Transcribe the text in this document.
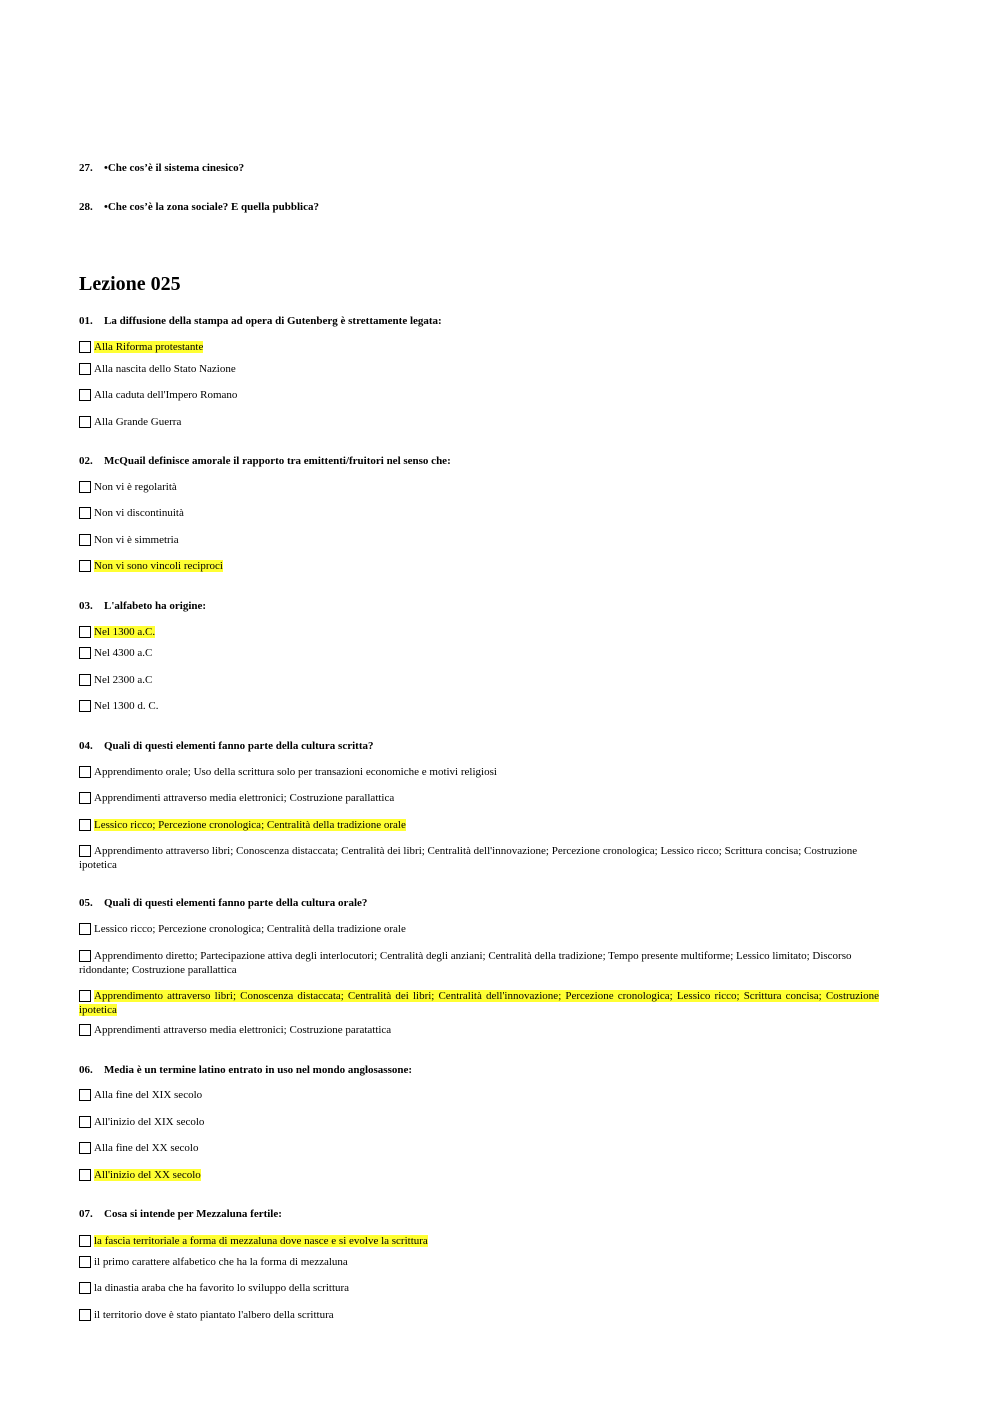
27. •Che cos’è il sistema cinesico?
28. •Che cos’è la zona sociale? E quella pubblica?
Lezione 025
01. La diffusione della stampa ad opera di Gutenberg è strettamente legata:
Alla Riforma protestante
Alla nascita dello Stato Nazione
Alla caduta dell'Impero Romano
Alla Grande Guerra
02. McQuail definisce amorale il rapporto tra emittenti/fruitori nel senso che:
Non vi è regolarità
Non vi discontinuità
Non vi è simmetria
Non vi sono vincoli reciproci
03. L'alfabeto ha origine:
Nel 1300 a.C.
Nel 4300 a.C
Nel 2300 a.C
Nel 1300 d. C.
04. Quali di questi elementi fanno parte della cultura scritta?
Apprendimento orale; Uso della scrittura solo per transazioni economiche e motivi religiosi
Apprendimenti attraverso media elettronici; Costruzione parallattica
Lessico ricco; Percezione cronologica; Centralità della tradizione orale
Apprendimento attraverso libri; Conoscenza distaccata; Centralità dei libri; Centralità dell'innovazione; Percezione cronologica; Lessico ricco; Scrittura concisa; Costruzione ipotetica
05. Quali di questi elementi fanno parte della cultura orale?
Lessico ricco; Percezione cronologica; Centralità della tradizione orale
Apprendimento diretto; Partecipazione attiva degli interlocutori; Centralità degli anziani; Centralità della tradizione; Tempo presente multiforme; Lessico limitato; Discorso ridondante; Costruzione parallattica
Apprendimento attraverso libri; Conoscenza distaccata; Centralità dei libri; Centralità dell'innovazione; Percezione cronologica; Lessico ricco; Scrittura concisa; Costruzione ipotetica
Apprendimenti attraverso media elettronici; Costruzione paratattica
06. Media è un termine latino entrato in uso nel mondo anglosassone:
Alla fine del XIX secolo
All'inizio del XIX secolo
Alla fine del XX secolo
All'inizio del XX secolo
07. Cosa si intende per Mezzaluna fertile:
la fascia territoriale a forma di mezzaluna dove nasce e si evolve la scrittura
il primo carattere alfabetico che ha la forma di mezzaluna
la dinastia araba che ha favorito lo sviluppo della scrittura
il territorio dove è stato piantato l'albero della scrittura
